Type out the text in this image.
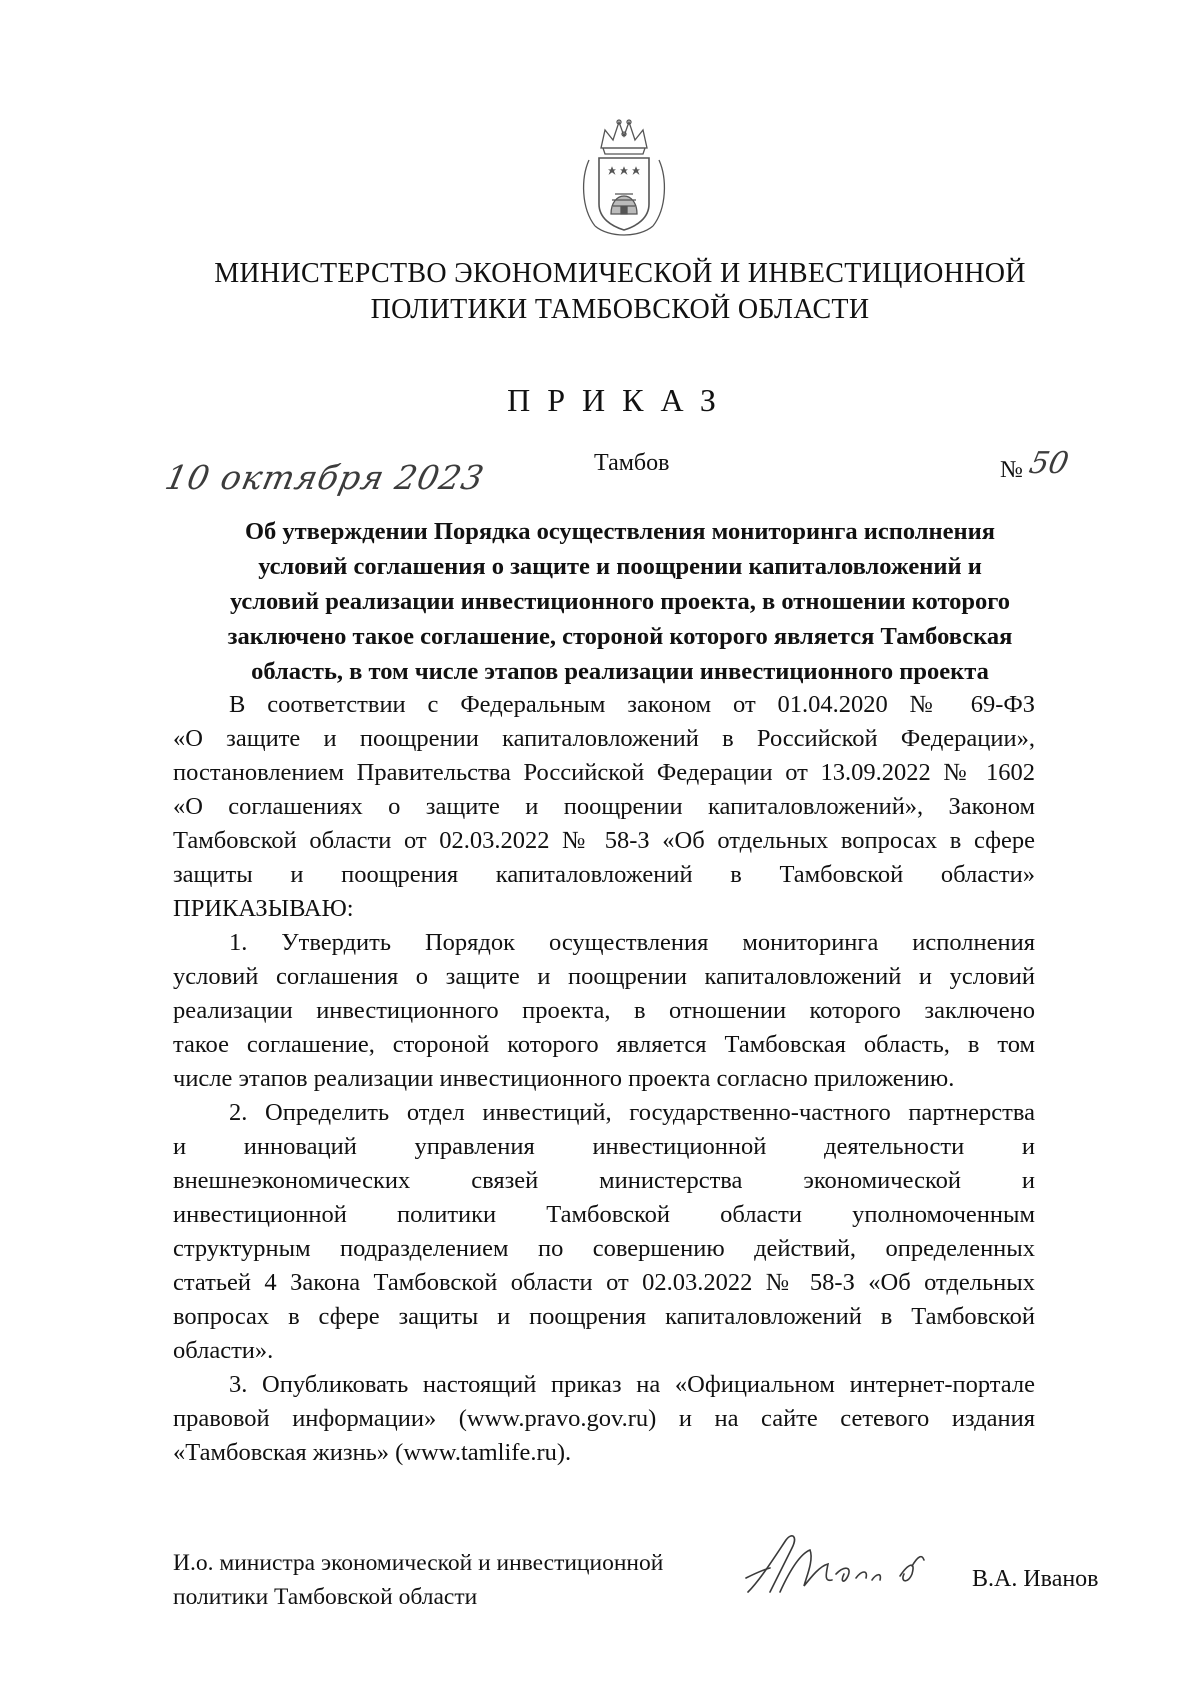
МИНИСТЕРСТВО ЭКОНОМИЧЕСКОЙ И ИНВЕСТИЦИОННОЙ
ПОЛИТИКИ ТАМБОВСКОЙ ОБЛАСТИ
ПРИКАЗ
10 октября 2023	Тамбов	№ 50
Об утверждении Порядка осуществления мониторинга исполнения
условий соглашения о защите и поощрении капиталовложений и
условий реализации инвестиционного проекта, в отношении которого
заключено такое соглашение, стороной которого является Тамбовская
область, в том числе этапов реализации инвестиционного проекта
В соответствии с Федеральным законом от 01.04.2020 № 69-ФЗ
«О защите и поощрении капиталовложений в Российской Федерации»,
постановлением Правительства Российской Федерации от 13.09.2022 № 1602
«О соглашениях о защите и поощрении капиталовложений», Законом
Тамбовской области от 02.03.2022 № 58-З «Об отдельных вопросах в сфере
защиты и поощрения капиталовложений в Тамбовской области»
ПРИКАЗЫВАЮ:
1. Утвердить Порядок осуществления мониторинга исполнения
условий соглашения о защите и поощрении капиталовложений и условий
реализации инвестиционного проекта, в отношении которого заключено
такое соглашение, стороной которого является Тамбовская область, в том
числе этапов реализации инвестиционного проекта согласно приложению.
2. Определить отдел инвестиций, государственно-частного партнерства
и инноваций управления инвестиционной деятельности и
внешнеэкономических связей министерства экономической и
инвестиционной политики Тамбовской области уполномоченным
структурным подразделением по совершению действий, определенных
статьей 4 Закона Тамбовской области от 02.03.2022 № 58-З «Об отдельных
вопросах в сфере защиты и поощрения капиталовложений в Тамбовской
области».
3. Опубликовать настоящий приказ на «Официальном интернет-портале
правовой информации» (www.pravo.gov.ru) и на сайте сетевого издания
«Тамбовская жизнь» (www.tamlife.ru).
И.о. министра экономической и инвестиционной
политики Тамбовской области
В.А. Иванов
